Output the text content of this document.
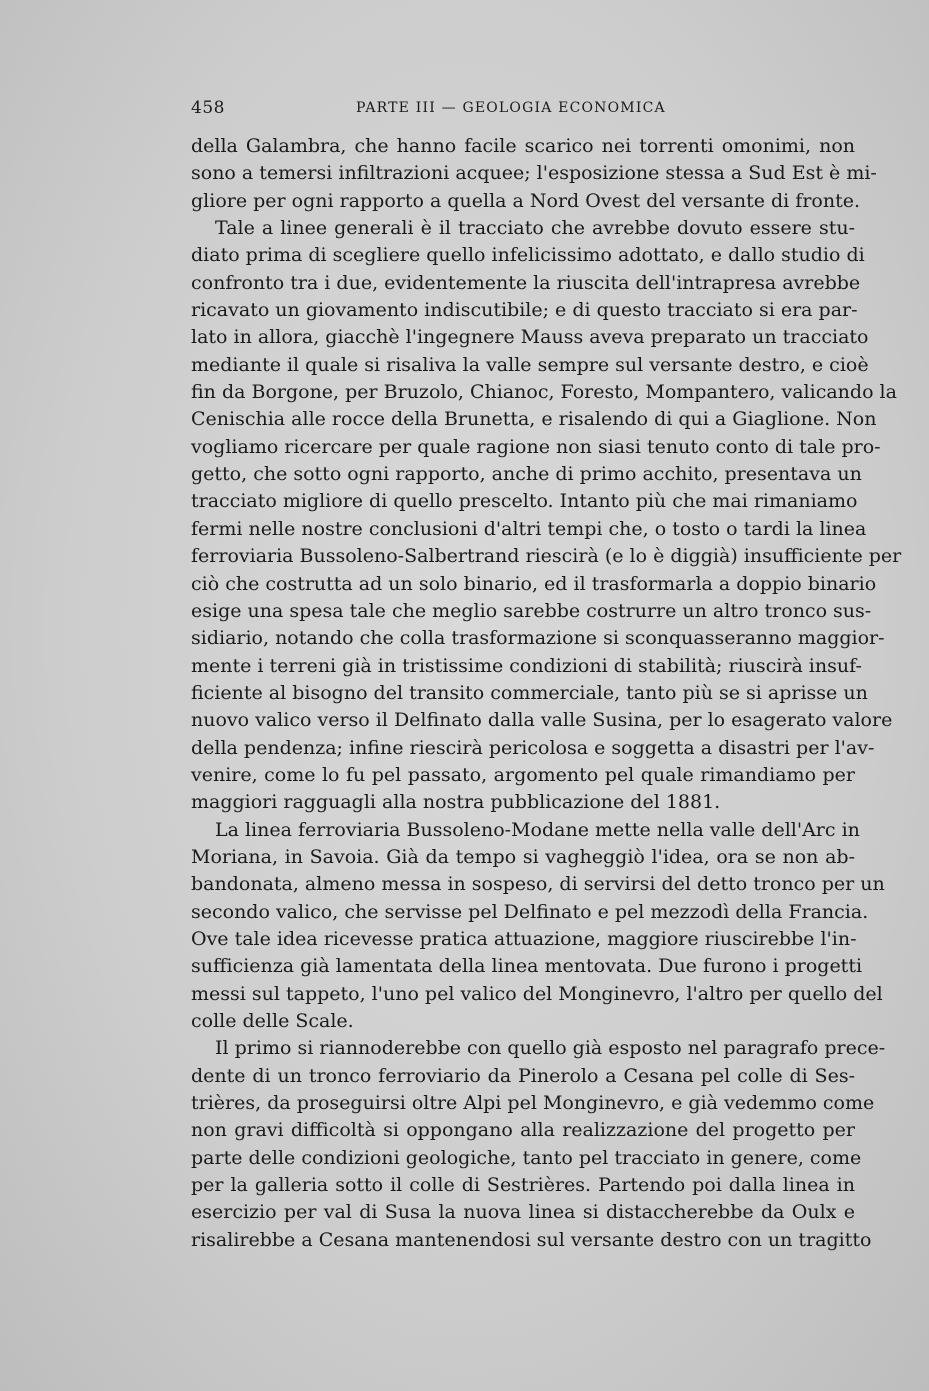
458	PARTE III — GEOLOGIA ECONOMICA
della Galambra, che hanno facile scarico nei torrenti omonimi, non
sono a temersi infiltrazioni acquee; l'esposizione stessa a Sud Est è mi-
gliore per ogni rapporto a quella a Nord Ovest del versante di fronte.
Tale a linee generali è il tracciato che avrebbe dovuto essere stu-
diato prima di scegliere quello infelicissimo adottato, e dallo studio di
confronto tra i due, evidentemente la riuscita dell'intrapresa avrebbe
ricavato un giovamento indiscutibile; e di questo tracciato si era par-
lato in allora, giacchè l'ingegnere Mauss aveva preparato un tracciato
mediante il quale si risaliva la valle sempre sul versante destro, e cioè
fin da Borgone, per Bruzolo, Chianoc, Foresto, Mompantero, valicando la
Cenischia alle rocce della Brunetta, e risalendo di qui a Giaglione. Non
vogliamo ricercare per quale ragione non siasi tenuto conto di tale pro-
getto, che sotto ogni rapporto, anche di primo acchito, presentava un
tracciato migliore di quello prescelto. Intanto più che mai rimaniamo
fermi nelle nostre conclusioni d'altri tempi che, o tosto o tardi la linea
ferroviaria Bussoleno-Salbertrand riescirà (e lo è diggià) insufficiente per
ciò che costrutta ad un solo binario, ed il trasformarla a doppio binario
esige una spesa tale che meglio sarebbe costrurre un altro tronco sus-
sidiario, notando che colla trasformazione si sconquasseranno maggior-
mente i terreni già in tristissime condizioni di stabilità; riuscirà insuf-
ficiente al bisogno del transito commerciale, tanto più se si aprisse un
nuovo valico verso il Delfinato dalla valle Susina, per lo esagerato valore
della pendenza; infine riescirà pericolosa e soggetta a disastri per l'av-
venire, come lo fu pel passato, argomento pel quale rimandiamo per
maggiori ragguagli alla nostra pubblicazione del 1881.
La linea ferroviaria Bussoleno-Modane mette nella valle dell'Arc in
Moriana, in Savoia. Già da tempo si vagheggiò l'idea, ora se non ab-
bandonata, almeno messa in sospeso, di servirsi del detto tronco per un
secondo valico, che servisse pel Delfinato e pel mezzodì della Francia.
Ove tale idea ricevesse pratica attuazione, maggiore riuscirebbe l'in-
sufficienza già lamentata della linea mentovata. Due furono i progetti
messi sul tappeto, l'uno pel valico del Monginevro, l'altro per quello del
colle delle Scale.
Il primo si riannoderebbe con quello già esposto nel paragrafo prece-
dente di un tronco ferroviario da Pinerolo a Cesana pel colle di Ses-
trières, da proseguirsi oltre Alpi pel Monginevro, e già vedemmo come
non gravi difficoltà si oppongano alla realizzazione del progetto per
parte delle condizioni geologiche, tanto pel tracciato in genere, come
per la galleria sotto il colle di Sestrières. Partendo poi dalla linea in
esercizio per val di Susa la nuova linea si distaccherebbe da Oulx e
risalirebbe a Cesana mantenendosi sul versante destro con un tragitto
